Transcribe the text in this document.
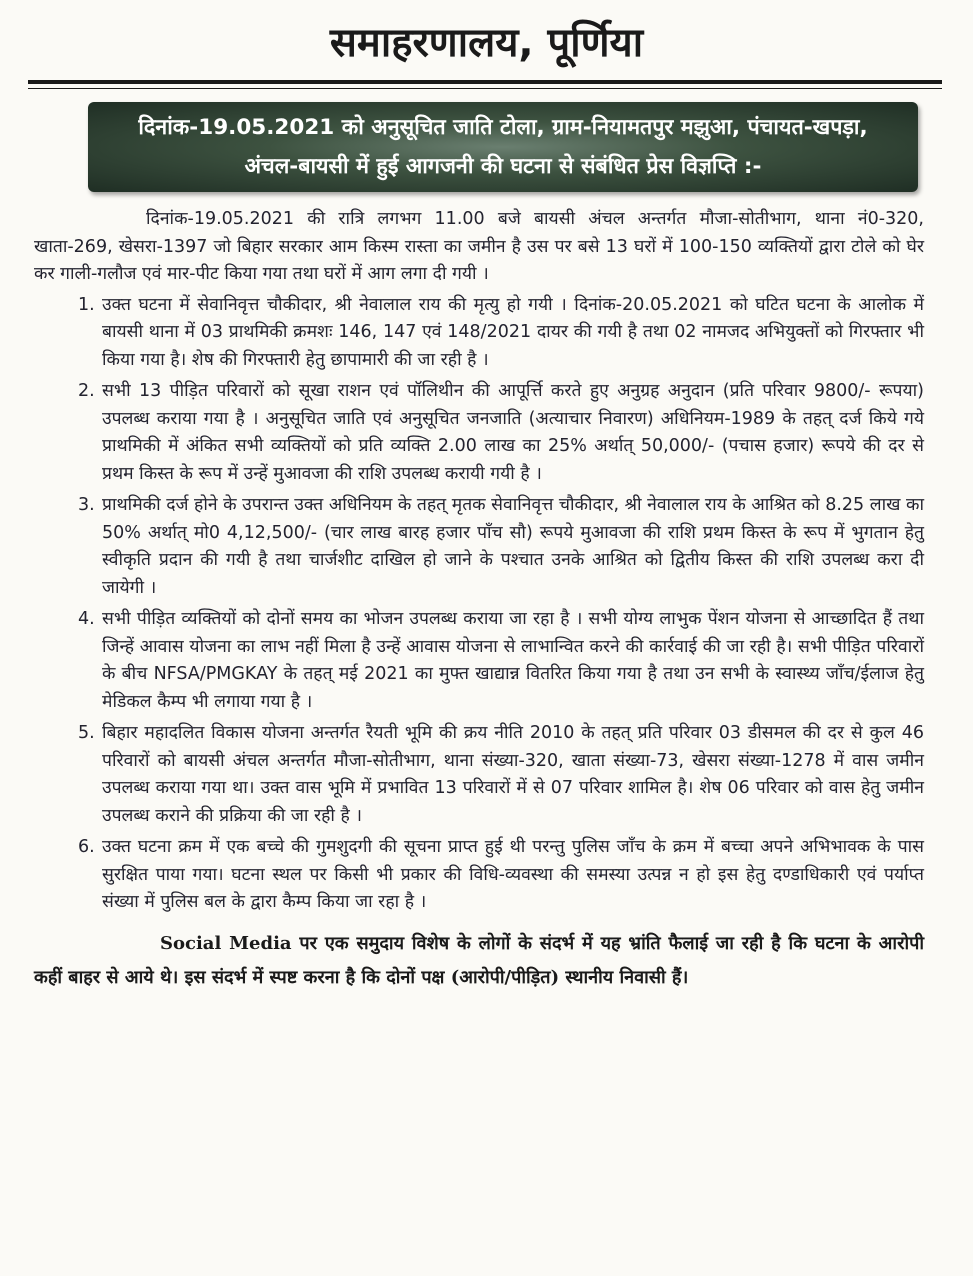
समाहरणालय, पूर्णिया
दिनांक-19.05.2021 को अनुसूचित जाति टोला, ग्राम-नियामतपुर मझुआ, पंचायत-खपड़ा,
अंचल-बायसी में हुई आगजनी की घटना से संबंधित प्रेस विज्ञप्ति :-

दिनांक-19.05.2021 की रात्रि लगभग 11.00 बजे बायसी अंचल अन्तर्गत मौजा-सोतीभाग, थाना नं0-320, खाता-269, खेसरा-1397 जो बिहार सरकार आम किस्म रास्ता का जमीन है उस पर बसे 13 घरों में 100-150 व्यक्तियों द्वारा टोले को घेर कर गाली-गलौज एवं मार-पीट किया गया तथा घरों में आग लगा दी गयी ।

1. उक्त घटना में सेवानिवृत्त चौकीदार, श्री नेवालाल राय की मृत्यु हो गयी । दिनांक-20.05.2021 को घटित घटना के आलोक में बायसी थाना में 03 प्राथमिकी क्रमशः 146, 147 एवं 148/2021 दायर की गयी है तथा 02 नामजद अभियुक्तों को गिरफ्तार भी किया गया है। शेष की गिरफ्तारी हेतु छापामारी की जा रही है ।
2. सभी 13 पीड़ित परिवारों को सूखा राशन एवं पॉलिथीन की आपूर्त्ति करते हुए अनुग्रह अनुदान (प्रति परिवार 9800/- रूपया) उपलब्ध कराया गया है । अनुसूचित जाति एवं अनुसूचित जनजाति (अत्याचार निवारण) अधिनियम-1989 के तहत् दर्ज किये गये प्राथमिकी में अंकित सभी व्यक्तियों को प्रति व्यक्ति 2.00 लाख का 25% अर्थात् 50,000/- (पचास हजार) रूपये की दर से प्रथम किस्त के रूप में उन्हें मुआवजा की राशि उपलब्ध करायी गयी है ।
3. प्राथमिकी दर्ज होने के उपरान्त उक्त अधिनियम के तहत् मृतक सेवानिवृत्त चौकीदार, श्री नेवालाल राय के आश्रित को 8.25 लाख का 50% अर्थात् मो0 4,12,500/- (चार लाख बारह हजार पाँच सौ) रूपये मुआवजा की राशि प्रथम किस्त के रूप में भुगतान हेतु स्वीकृति प्रदान की गयी है तथा चार्जशीट दाखिल हो जाने के पश्चात उनके आश्रित को द्वितीय किस्त की राशि उपलब्ध करा दी जायेगी ।
4. सभी पीड़ित व्यक्तियों को दोनों समय का भोजन उपलब्ध कराया जा रहा है । सभी योग्य लाभुक पेंशन योजना से आच्छादित हैं तथा जिन्हें आवास योजना का लाभ नहीं मिला है उन्हें आवास योजना से लाभान्वित करने की कार्रवाई की जा रही है। सभी पीड़ित परिवारों के बीच NFSA/PMGKAY के तहत् मई 2021 का मुफ्त खाद्यान्न वितरित किया गया है तथा उन सभी के स्वास्थ्य जाँच/ईलाज हेतु मेडिकल कैम्प भी लगाया गया है ।
5. बिहार महादलित विकास योजना अन्तर्गत रैयती भूमि की क्रय नीति 2010 के तहत् प्रति परिवार 03 डीसमल की दर से कुल 46 परिवारों को बायसी अंचल अन्तर्गत मौजा-सोतीभाग, थाना संख्या-320, खाता संख्या-73, खेसरा संख्या-1278 में वास जमीन उपलब्ध कराया गया था। उक्त वास भूमि में प्रभावित 13 परिवारों में से 07 परिवार शामिल है। शेष 06 परिवार को वास हेतु जमीन उपलब्ध कराने की प्रक्रिया की जा रही है ।
6. उक्त घटना क्रम में एक बच्चे की गुमशुदगी की सूचना प्राप्त हुई थी परन्तु पुलिस जाँच के क्रम में बच्चा अपने अभिभावक के पास सुरक्षित पाया गया। घटना स्थल पर किसी भी प्रकार की विधि-व्यवस्था की समस्या उत्पन्न न हो इस हेतु दण्डाधिकारी एवं पर्याप्त संख्या में पुलिस बल के द्वारा कैम्प किया जा रहा है ।

Social Media पर एक समुदाय विशेष के लोगों के संदर्भ में यह भ्रांति फैलाई जा रही है कि घटना के आरोपी कहीं बाहर से आये थे। इस संदर्भ में स्पष्ट करना है कि दोनों पक्ष (आरोपी/पीड़ित) स्थानीय निवासी हैं।
